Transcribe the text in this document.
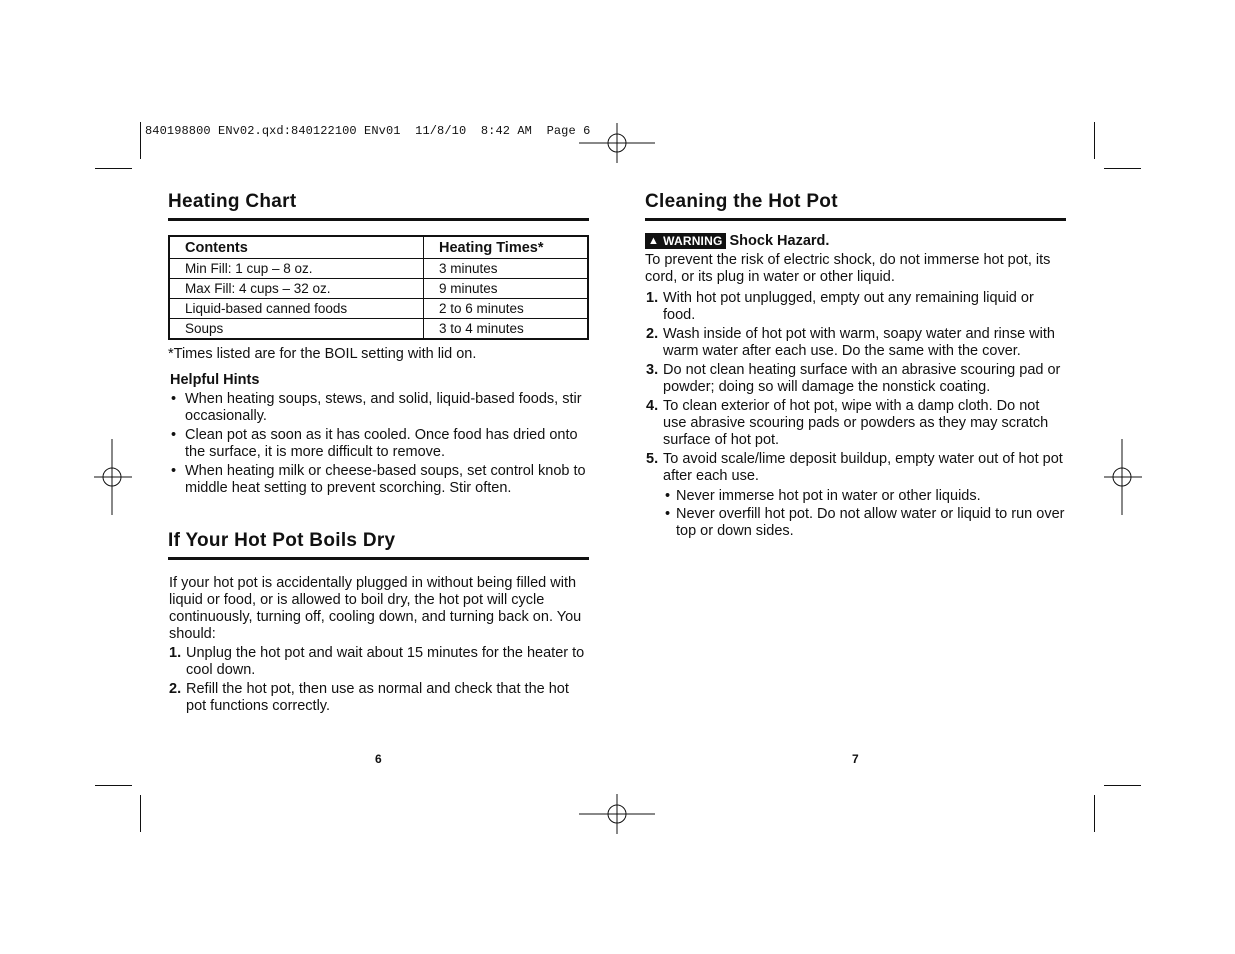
840198800 ENv02.qxd:840122100 ENv01  11/8/10  8:42 AM  Page 6
Heating Chart
Contents	Heating Times*
Min Fill: 1 cup – 8 oz.	3 minutes
Max Fill: 4 cups – 32 oz.	9 minutes
Liquid-based canned foods	2 to 6 minutes
Soups	3 to 4 minutes

*Times listed are for the BOIL setting with lid on.

Helpful Hints

• When heating soups, stews, and solid, liquid-based foods, stir occasionally.
• Clean pot as soon as it has cooled. Once food has dried onto the surface, it is more difficult to remove.
• When heating milk or cheese-based soups, set control knob to middle heat setting to prevent scorching. Stir often.
If Your Hot Pot Boils Dry

If your hot pot is accidentally plugged in without being filled with liquid or food, or is allowed to boil dry, the hot pot will cycle continuously, turning off, cooling down, and turning back on. You should:

1. Unplug the hot pot and wait about 15 minutes for the heater to cool down.
2. Refill the hot pot, then use as normal and check that the hot pot functions correctly.
6
Cleaning the Hot Pot
▲ WARNING Shock Hazard.

To prevent the risk of electric shock, do not immerse hot pot, its cord, or its plug in water or other liquid.

1. With hot pot unplugged, empty out any remaining liquid or food.
2. Wash inside of hot pot with warm, soapy water and rinse with warm water after each use. Do the same with the cover.
3. Do not clean heating surface with an abrasive scouring pad or powder; doing so will damage the nonstick coating.
4. To clean exterior of hot pot, wipe with a damp cloth. Do not use abrasive scouring pads or powders as they may scratch surface of hot pot.
5. To avoid scale/lime deposit buildup, empty water out of hot pot after each use.
• Never immerse hot pot in water or other liquids.
• Never overfill hot pot. Do not allow water or liquid to run over top or down sides.
7
